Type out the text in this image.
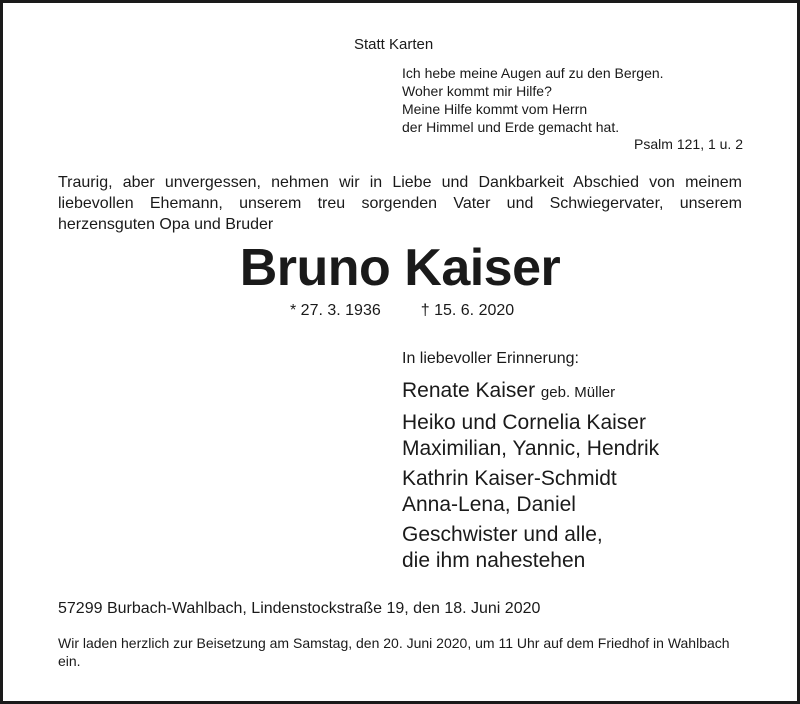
Statt Karten

Ich hebe meine Augen auf zu den Bergen.
Woher kommt mir Hilfe?
Meine Hilfe kommt vom Herrn
der Himmel und Erde gemacht hat.

Psalm 121, 1 u. 2

Traurig, aber unvergessen, nehmen wir in Liebe und Dankbarkeit Abschied von meinem liebevollen Ehemann, unserem treu sorgenden Vater und Schwiegervater, unserem herzensguten Opa und Bruder

Bruno Kaiser

* 27. 3. 1936	† 15. 6. 2020

In liebevoller Erinnerung:

Renate Kaiser geb. Müller

Heiko und Cornelia Kaiser

Maximilian, Yannic, Hendrik

Kathrin Kaiser-Schmidt

Anna-Lena, Daniel

Geschwister und alle,

die ihm nahestehen

57299 Burbach-Wahlbach, Lindenstockstraße 19, den 18. Juni 2020

Wir laden herzlich zur Beisetzung am Samstag, den 20. Juni 2020, um 11 Uhr auf dem Friedhof in Wahlbach ein.
